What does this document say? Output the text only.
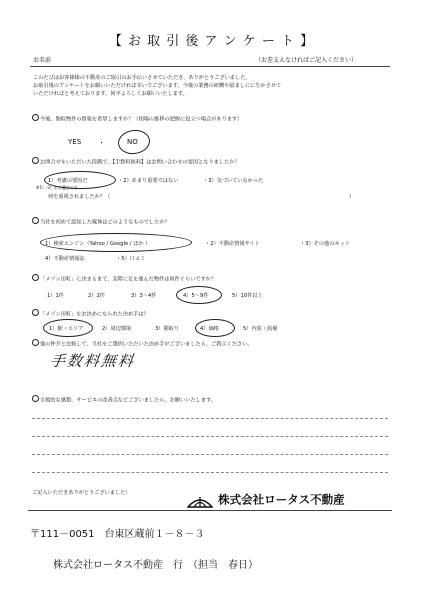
【 お 取 引 後 ア ン ケ ー ト 】
お名前	（お差支えなければご記入ください）
このたびはお客様様の不動産のご取引のお手伝いさせていただき、ありがとうございました。
お取引後のアンケートをお願いいただければ幸いでございます。今後の業務の研鑽や励ましにに生かさせて
いただければと考えております。何卒よろしくお願いいたします。
今後、類似物件の情報を希望しますか？（相場の推移の把握に役立つ場合があります）
YES ・	NO
お問合せをいただいた段階で、【手数料無料】はお問い合わせの要因となりましたか？
1）考慮の要因だ	・2）あまり重要ではない	・3）気づいていなかった
※1）-3）をお選びの方…
何を重視されましたか？（	）
当社を初めて認知した媒体はどのようなものでしたか？
1）検索エンジン（Yahoo / Google / ほか ）	・2）不動産情報サイト	・3）その他のネット
4）不動産情報誌	・5）口コミ
「メゾン田町」に決まるまで、実際に足を運んだ物件は何件ぐらいですか？
1）1件	2）2件	3）3～4件	4）5～9件	5）10件以上
「メゾン田町」をお決めになられた決め手は？
1）駅・エリア	2）周辺環境	3）間取り	4）価格	5）内装・設備
他の仲介と比較して、当社をご選択いただいた決め手がございましたら、ご教示ください。
手数料無料
全般的な感想、サービスの改善点などございましたら、お願いいたします。
ご記入いただきありがとうございました！	株式会社ロータス不動産
〒111－0051　台東区蔵前１－８－３
株式会社ロータス不動産　行　（担当　春日）
